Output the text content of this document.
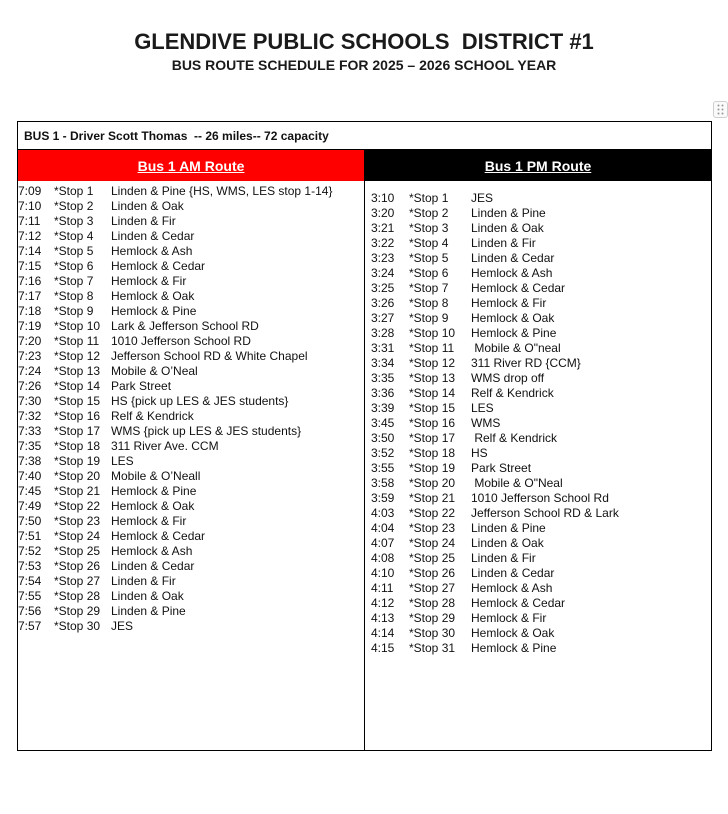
GLENDIVE PUBLIC SCHOOLS  DISTRICT #1
BUS ROUTE SCHEDULE FOR 2025 – 2026 SCHOOL YEAR
BUS 1 - Driver Scott Thomas  -- 26 miles-- 72 capacity
Bus 1 AM Route	Bus 1 PM Route
7:09 *Stop 1 Linden & Pine {HS, WMS, LES stop 1-14}
7:10 *Stop 2 Linden & Oak
7:11 *Stop 3 Linden & Fir
7:12 *Stop 4 Linden & Cedar
7:14 *Stop 5 Hemlock & Ash
7:15 *Stop 6 Hemlock & Cedar
7:16 *Stop 7 Hemlock & Fir
7:17 *Stop 8 Hemlock & Oak
7:18 *Stop 9 Hemlock & Pine
7:19 *Stop 10 Lark & Jefferson School RD
7:20 *Stop 11 1010 Jefferson School RD
7:23 *Stop 12 Jefferson School RD & White Chapel
7:24 *Stop 13 Mobile & O’Neal
7:26 *Stop 14 Park Street
7:30 *Stop 15 HS {pick up LES & JES students}
7:32 *Stop 16 Relf & Kendrick
7:33 *Stop 17 WMS {pick up LES & JES students}
7:35 *Stop 18 311 River Ave. CCM
7:38 *Stop 19 LES
7:40 *Stop 20 Mobile & O’Neall
7:45 *Stop 21 Hemlock & Pine
7:49 *Stop 22 Hemlock & Oak
7:50 *Stop 23 Hemlock & Fir
7:51 *Stop 24 Hemlock & Cedar
7:52 *Stop 25 Hemlock & Ash
7:53 *Stop 26 Linden & Cedar
7:54 *Stop 27 Linden & Fir
7:55 *Stop 28 Linden & Oak
7:56 *Stop 29 Linden & Pine
7:57 *Stop 30 JES
3:10 *Stop 1 JES
3:20 *Stop 2 Linden & Pine
3:21 *Stop 3 Linden & Oak
3:22 *Stop 4 Linden & Fir
3:23 *Stop 5 Linden & Cedar
3:24 *Stop 6 Hemlock & Ash
3:25 *Stop 7 Hemlock & Cedar
3:26 *Stop 8 Hemlock & Fir
3:27 *Stop 9 Hemlock & Oak
3:28 *Stop 10 Hemlock & Pine
3:31 *Stop 11 Mobile & O"neal
3:34 *Stop 12 311 River RD {CCM}
3:35 *Stop 13 WMS drop off
3:36 *Stop 14 Relf & Kendrick
3:39 *Stop 15 LES
3:45 *Stop 16 WMS
3:50 *Stop 17 Relf & Kendrick
3:52 *Stop 18 HS
3:55 *Stop 19 Park Street
3:58 *Stop 20 Mobile & O"Neal
3:59 *Stop 21 1010 Jefferson School Rd
4:03 *Stop 22 Jefferson School RD & Lark
4:04 *Stop 23 Linden & Pine
4:07 *Stop 24 Linden & Oak
4:08 *Stop 25 Linden & Fir
4:10 *Stop 26 Linden & Cedar
4:11 *Stop 27 Hemlock & Ash
4:12 *Stop 28 Hemlock & Cedar
4:13 *Stop 29 Hemlock & Fir
4:14 *Stop 30 Hemlock & Oak
4:15 *Stop 31 Hemlock & Pine
